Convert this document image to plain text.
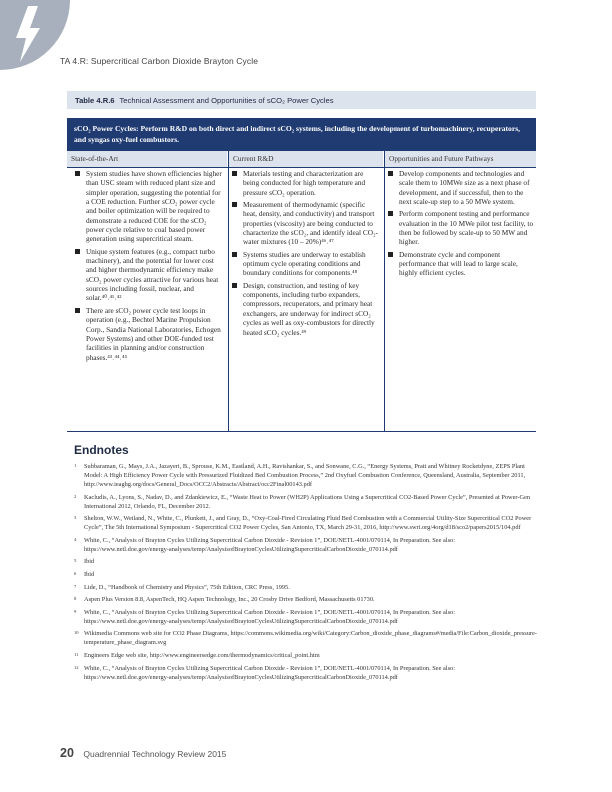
TA 4.R: Supercritical Carbon Dioxide Brayton Cycle
Table 4.R.6 Technical Assessment and Opportunities of sCO₂ Power Cycles
sCO₂ Power Cycles: Perform R&D on both direct and indirect sCO₂ systems, including the development of turbomachinery, recuperators, and syngas oxy-fuel combustors.
State-of-the-Art	Current R&D	Opportunities and Future Pathways
System studies have shown efficiencies higher than USC steam with reduced plant size and simpler operation, suggesting the potential for a COE reduction. Further sCO₂ power cycle and boiler optimization will be required to demonstrate a reduced COE for the sCO₂ power cycle relative to coal based power generation using supercritical steam.
Unique system features (e.g., compact turbo machinery), and the potential for lower cost and higher thermodynamic efficiency make sCO₂ power cycles attractive for various heat sources including fossil, nuclear, and solar.⁴⁰˒⁴¹˒⁴²
There are sCO₂ power cycle test loops in operation (e.g., Bechtel Marine Propulsion Corp., Sandia National Laboratories, Echogen Power Systems) and other DOE-funded test facilities in planning and/or construction phases.⁴³˒⁴⁴˒⁴⁵
Materials testing and characterization are being conducted for high temperature and pressure sCO₂ operation.
Measurement of thermodynamic (specific heat, density, and conductivity) and transport properties (viscosity) are being conducted to characterize the sCO₂, and identify ideal CO₂-water mixtures (10 – 20%)⁴⁶˒⁴⁷
Systems studies are underway to establish optimum cycle operating conditions and boundary conditions for components.⁴⁸
Design, construction, and testing of key components, including turbo expanders, compressors, recuperators, and primary heat exchangers, are underway for indirect sCO₂ cycles as well as oxy-combustors for directly heated sCO₂ cycles.⁴⁹
Develop components and technologies and scale them to 10MWe size as a next phase of development, and if successful, then to the next scale-up step to a 50 MWe system.
Perform component testing and performance evaluation in the 10 MWe pilot test facility, to then be followed by scale-up to 50 MW and higher.
Demonstrate cycle and component performance that will lead to large scale, highly efficient cycles.
Endnotes
1 Subbaraman, G., Mays, J.A., Jazayeri, B., Sprouse, K.M., Eastland, A.H., Ravishankar, S., and Sonwane, C.G., “Energy Systems, Pratt and Whitney Rocketdyne, ZEPS Plant Model: A High Efficiency Power Cycle with Pressurized Fluidized Bed Combustion Process,” 2nd Oxyfuel Combustion Conference, Queensland, Australia, September 2011, http://www.ieaghg.org/docs/General_Docs/OCC2/Abstracts/Abstract/occ2Final00143.pdf
2 Kacludis, A., Lyons, S., Nadav, D., and Zdankiewicz, E., “Waste Heat to Power (WH2P) Applications Using a Supercritical CO2-Based Power Cycle”, Presented at Power-Gen International 2012, Orlando, FL, December 2012.
3 Shelton, W.W., Weiland, N., White, C., Plunkett, J., and Gray, D., “Oxy-Coal-Fired Circulating Fluid Bed Combustion with a Commercial Utility-Size Supercritical CO2 Power Cycle”, The 5th International Symposium - Supercritical CO2 Power Cycles, San Antonio, TX, March 29-31, 2016, http://www.swri.org/4org/d18/sco2/papers2015/104.pdf
4 White, C., “Analysis of Brayton Cycles Utilizing Supercritical Carbon Dioxide - Revision 1”, DOE/NETL-4001/070114, In Preparation. See also: https://www.netl.doe.gov/energy-analyses/temp/AnalysisofBraytonCyclesUtilizingSupercriticalCarbonDioxide_070114.pdf
5 Ibid
6 Ibid
7 Lide, D., “Handbook of Chemistry and Physics”, 75th Edition, CRC Press, 1995.
8 Aspen Plus Version 8.8, AspenTech, HQ Aspen Technology, Inc., 20 Crosby Drive Bedford, Massachusetts 01730.
9 White, C., “Analysis of Brayton Cycles Utilizing Supercritical Carbon Dioxide - Revision 1”, DOE/NETL-4001/070114, In Preparation. See also: https://www.netl.doe.gov/energy-analyses/temp/AnalysisofBraytonCyclesUtilizingSupercriticalCarbonDioxide_070114.pdf
10 Wikimedia Commons web site for CO2 Phase Diagrams, https://commons.wikimedia.org/wiki/Category:Carbon_dioxide_phase_diagrams#/media/File:Carbon_dioxide_pressure-temperature_phase_diagram.svg
11 Engineers Edge web site, http://www.engineersedge.com/thermodynamics/critical_point.htm
12 White, C., “Analysis of Brayton Cycles Utilizing Supercritical Carbon Dioxide - Revision 1”, DOE/NETL-4001/070114, In Preparation. See also: https://www.netl.doe.gov/energy-analyses/temp/AnalysisofBraytonCyclesUtilizingSupercriticalCarbonDioxide_070114.pdf
20 Quadrennial Technology Review 2015
